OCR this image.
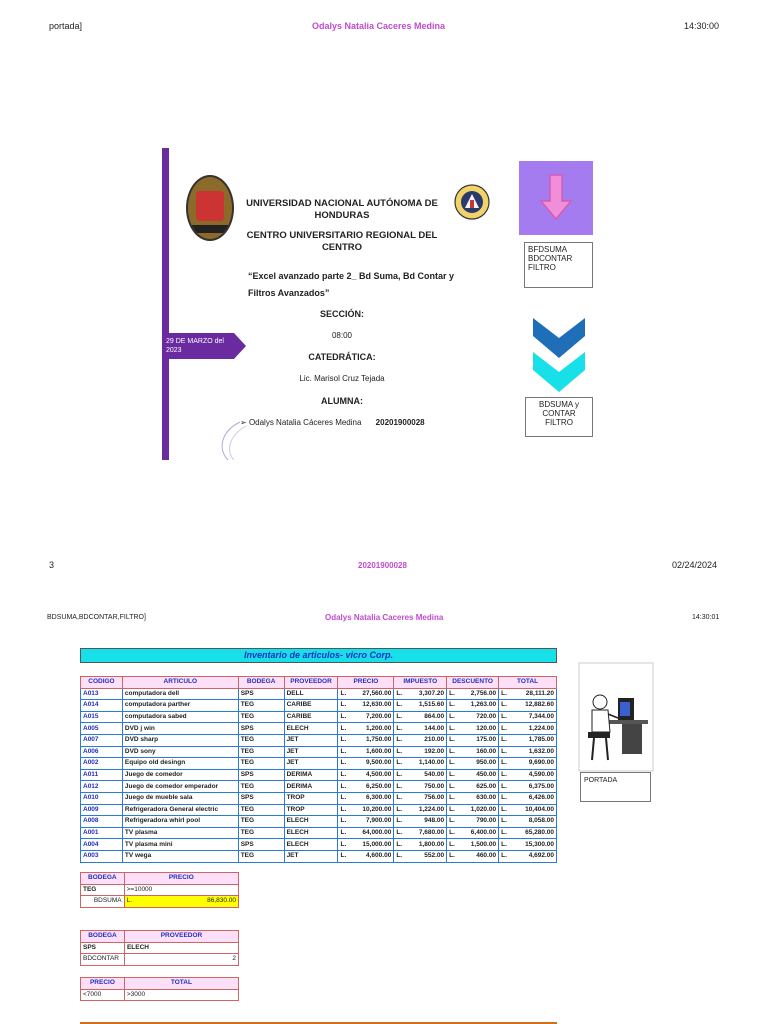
portada]	Odalys Natalia Caceres Medina	14:30:00
UNIVERSIDAD NACIONAL AUTÓNOMA DE HONDURAS
CENTRO UNIVERSITARIO REGIONAL DEL CENTRO
“Excel avanzado parte 2_ Bd Suma, Bd Contar y Filtros Avanzados”
SECCIÓN:
08:00
CATEDRÁTICA:
Lic. Marisol Cruz Tejada
ALUMNA:
➢ Odalys Natalia Cáceres Medina 20201900028
29 DE MARZO del 2023
BFDSUMA BDCONTAR FILTRO
BDSUMA y CONTAR FILTRO
3	20201900028	02/24/2024
BDSUMA,BDCONTAR,FILTRO]	Odalys Natalia Caceres Medina	14:30:01
Inventario de articulos- vicro Corp.
CODIGO	ARTICULO	BODEGA	PROVEEDOR	PRECIO		IMPUESTO		DESCUENTO		TOTAL	
A013	computadora dell	SPS	DELL	L.	27,560.00	L.	3,307.20	L.	2,756.00	L.	28,111.20
A014	computadora parther	TEG	CARIBE	L.	12,630.00	L.	1,515.60	L.	1,263.00	L.	12,882.60
A015	computadora sabed	TEG	CARIBE	L.	7,200.00	L.	864.00	L.	720.00	L.	7,344.00
A005	DVD j win	SPS	ELECH	L.	1,200.00	L.	144.00	L.	120.00	L.	1,224.00
A007	DVD sharp	TEG	JET	L.	1,750.00	L.	210.00	L.	175.00	L.	1,785.00
A006	DVD sony	TEG	JET	L.	1,600.00	L.	192.00	L.	160.00	L.	1,632.00
A002	Equipo old desingn	TEG	JET	L.	9,500.00	L.	1,140.00	L.	950.00	L.	9,690.00
A011	Juego de comedor	SPS	DERIMA	L.	4,500.00	L.	540.00	L.	450.00	L.	4,590.00
A012	Juego de comedor emperador	TEG	DERIMA	L.	6,250.00	L.	750.00	L.	625.00	L.	6,375.00
A010	Juego de mueble sala	SPS	TROP	L.	6,300.00	L.	756.00	L.	630.00	L.	6,426.00
A009	Refrigeradora General electric	TEG	TROP	L.	10,200.00	L.	1,224.00	L.	1,020.00	L.	10,404.00
A008	Refrigeradora whirl pool	TEG	ELECH	L.	7,900.00	L.	948.00	L.	790.00	L.	8,058.00
A001	TV plasma	TEG	ELECH	L.	64,000.00	L.	7,680.00	L.	6,400.00	L.	65,280.00
A004	TV plasma mini	SPS	ELECH	L.	15,000.00	L.	1,800.00	L.	1,500.00	L.	15,300.00
A003	TV wega	TEG	JET	L.	4,600.00	L.	552.00	L.	460.00	L.	4,692.00
PORTADA
BODEGA	PRECIO	
TEG	>=10000	
BDSUMA	L.	86,830.00
BODEGA	PROVEEDOR
SPS	ELECH
BDCONTAR	2
PRECIO	TOTAL
<7000	>3000
